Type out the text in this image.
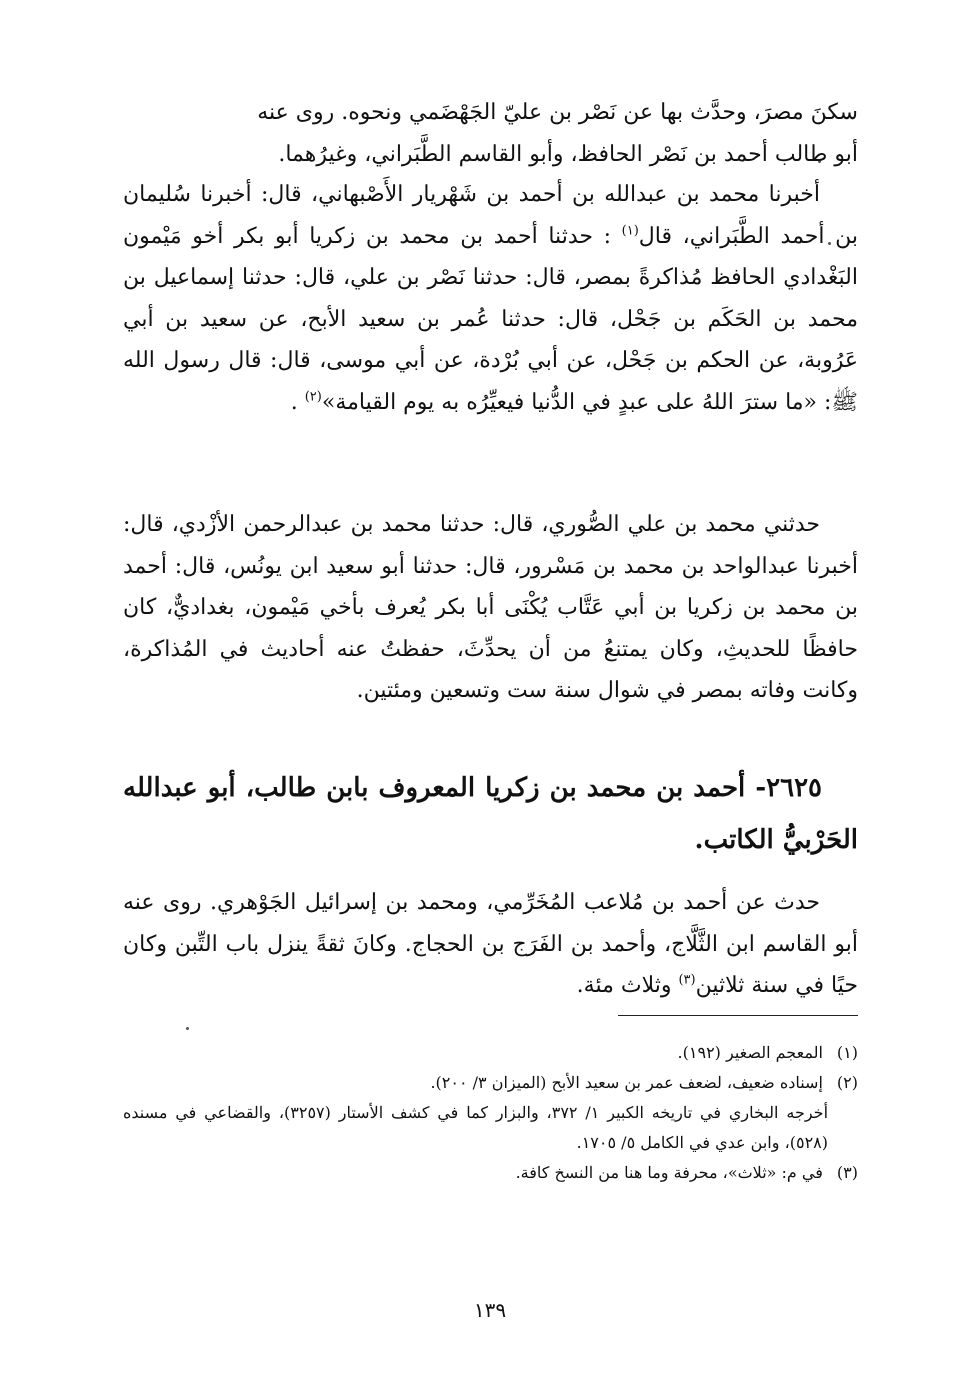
سكنَ مصرَ، وحدَّث بها عن نَصْر بن عليّ الجَهْضَمي ونحوه. روى عنه

أبو طالب أحمد بن نَصْر الحافظ، وأبو القاسم الطَّبَراني، وغيرُهما.

أخبرنا محمد بن عبدالله بن أحمد بن شَهْريار الأَصْبهاني، قال: أخبرنا سُليمان بن أحمد الطَّبَراني، قال$^{(١)}$ : حدثنا أحمد بن محمد بن زكريا أبو بكر أخو مَيْمون البَغْدادي الحافظ مُذاكرةً بمصر، قال: حدثنا نَصْر بن علي، قال: حدثنا إسماعيل بن محمد بن الحَكَم بن جَحْل، قال: حدثنا عُمر بن سعيد الأبح، عن سعيد بن أبي عَرُوبة، عن الحكم بن جَحْل، عن أبي بُرْدة، عن أبي موسى، قال: قال رسول الله ﷺ: «ما سترَ اللهُ على عبدٍ في الدُّنيا فيعيِّرُه به يوم القيامة»$^{(٢)}$ .

حدثني محمد بن علي الصُّوري، قال: حدثنا محمد بن عبدالرحمن الأزْدي، قال: أخبرنا عبدالواحد بن محمد بن مَسْرور، قال: حدثنا أبو سعيد ابن يونُس، قال: أحمد بن محمد بن زكريا بن أبي عَتَّاب يُكْنَى أبا بكر يُعرف بأخي مَيْمون، بغداديٌّ، كان حافظًا للحديثِ، وكان يمتنعُ من أن يحدِّثَ، حفظتُ عنه أحاديث في المُذاكرة، وكانت وفاته بمصر في شوال سنة ست وتسعين ومئتين.

٢٦٢٥- أحمد بن محمد بن زكريا المعروف بابن طالب، أبو عبدالله الحَرْبيُّ الكاتب.

حدث عن أحمد بن مُلاعب المُخَرِّمي، ومحمد بن إسرائيل الجَوْهري. روى عنه أبو القاسم ابن الثَّلَّاج، وأحمد بن الفَرَج بن الحجاج. وكانَ ثقةً ينزل باب التِّبن وكان حيًا في سنة ثلاثين$^{(٣)}$ وثلاث مئة.

(١)
المعجم الصغير (١٩٢).

(٢)
إسناده ضعيف، لضعف عمر بن سعيد الأبح (الميزان ٣/ ٢٠٠).

أخرجه البخاري في تاريخه الكبير ١/ ٣٧٢، والبزار كما في كشف الأستار (٣٢٥٧)، والقضاعي في مسنده (٥٢٨)، وابن عدي في الكامل ٥/ ١٧٠٥.

(٣)
في م: «ثلاث»، محرفة وما هنا من النسخ كافة.

١٣٩
